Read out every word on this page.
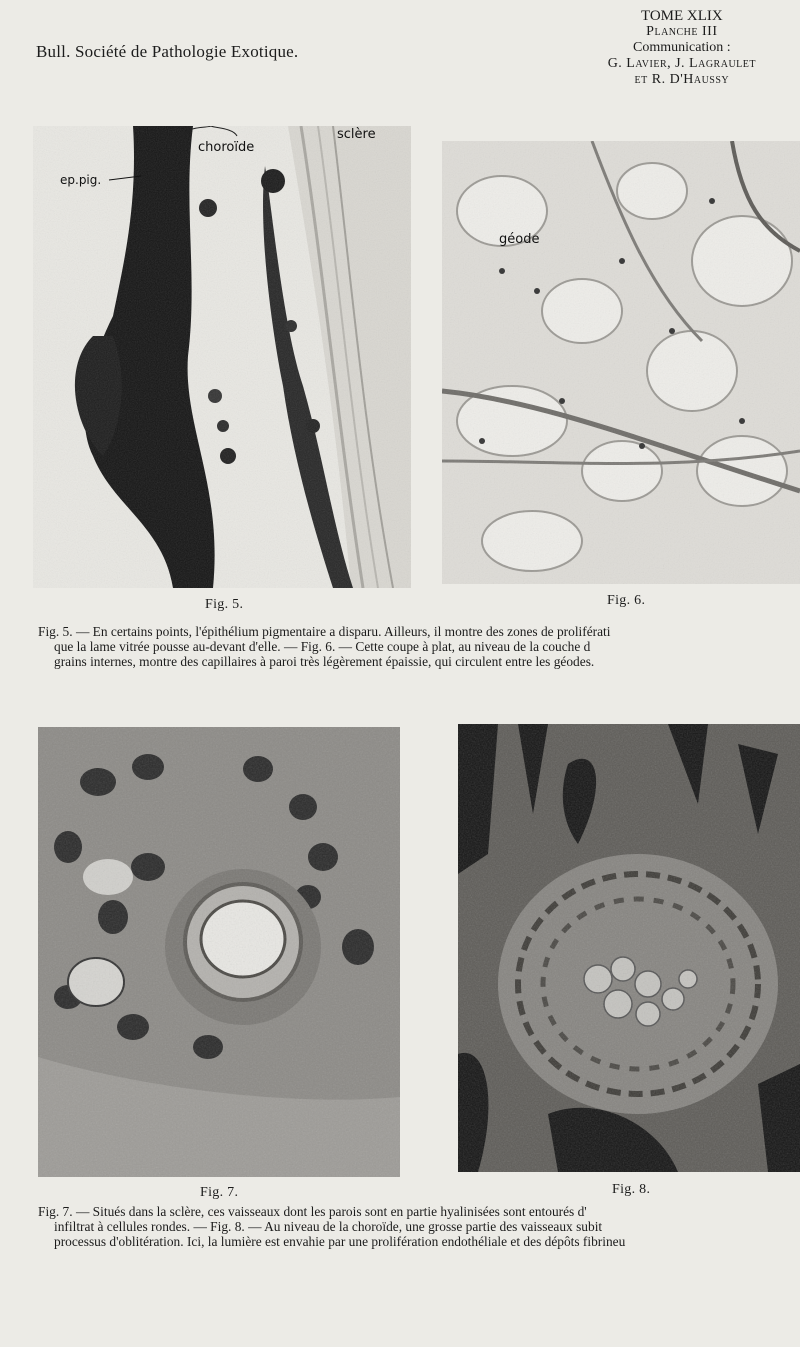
Bull. Société de Pathologie Exotique.
TOME XLIX
Planche III
Communication :
G. Lavier, J. Lagraulet
et R. D'Haussy
choroïde
sclère
ep.pig.
Fig. 5.
géode
Fig. 6.
Fig. 5. — En certains points, l'épithélium pigmentaire a disparu. Ailleurs, il montre des zones de proliférati
que la lame vitrée pousse au-devant d'elle. — Fig. 6. — Cette coupe à plat, au niveau de la couche d
grains internes, montre des capillaires à paroi très légèrement épaissie, qui circulent entre les géodes.
Fig. 7.	Fig. 8.
Fig. 7. — Situés dans la sclère, ces vaisseaux dont les parois sont en partie hyalinisées sont entourés d'
infiltrat à cellules rondes. — Fig. 8. — Au niveau de la choroïde, une grosse partie des vaisseaux subit
processus d'oblitération. Ici, la lumière est envahie par une prolifération endothéliale et des dépôts fibrineu
